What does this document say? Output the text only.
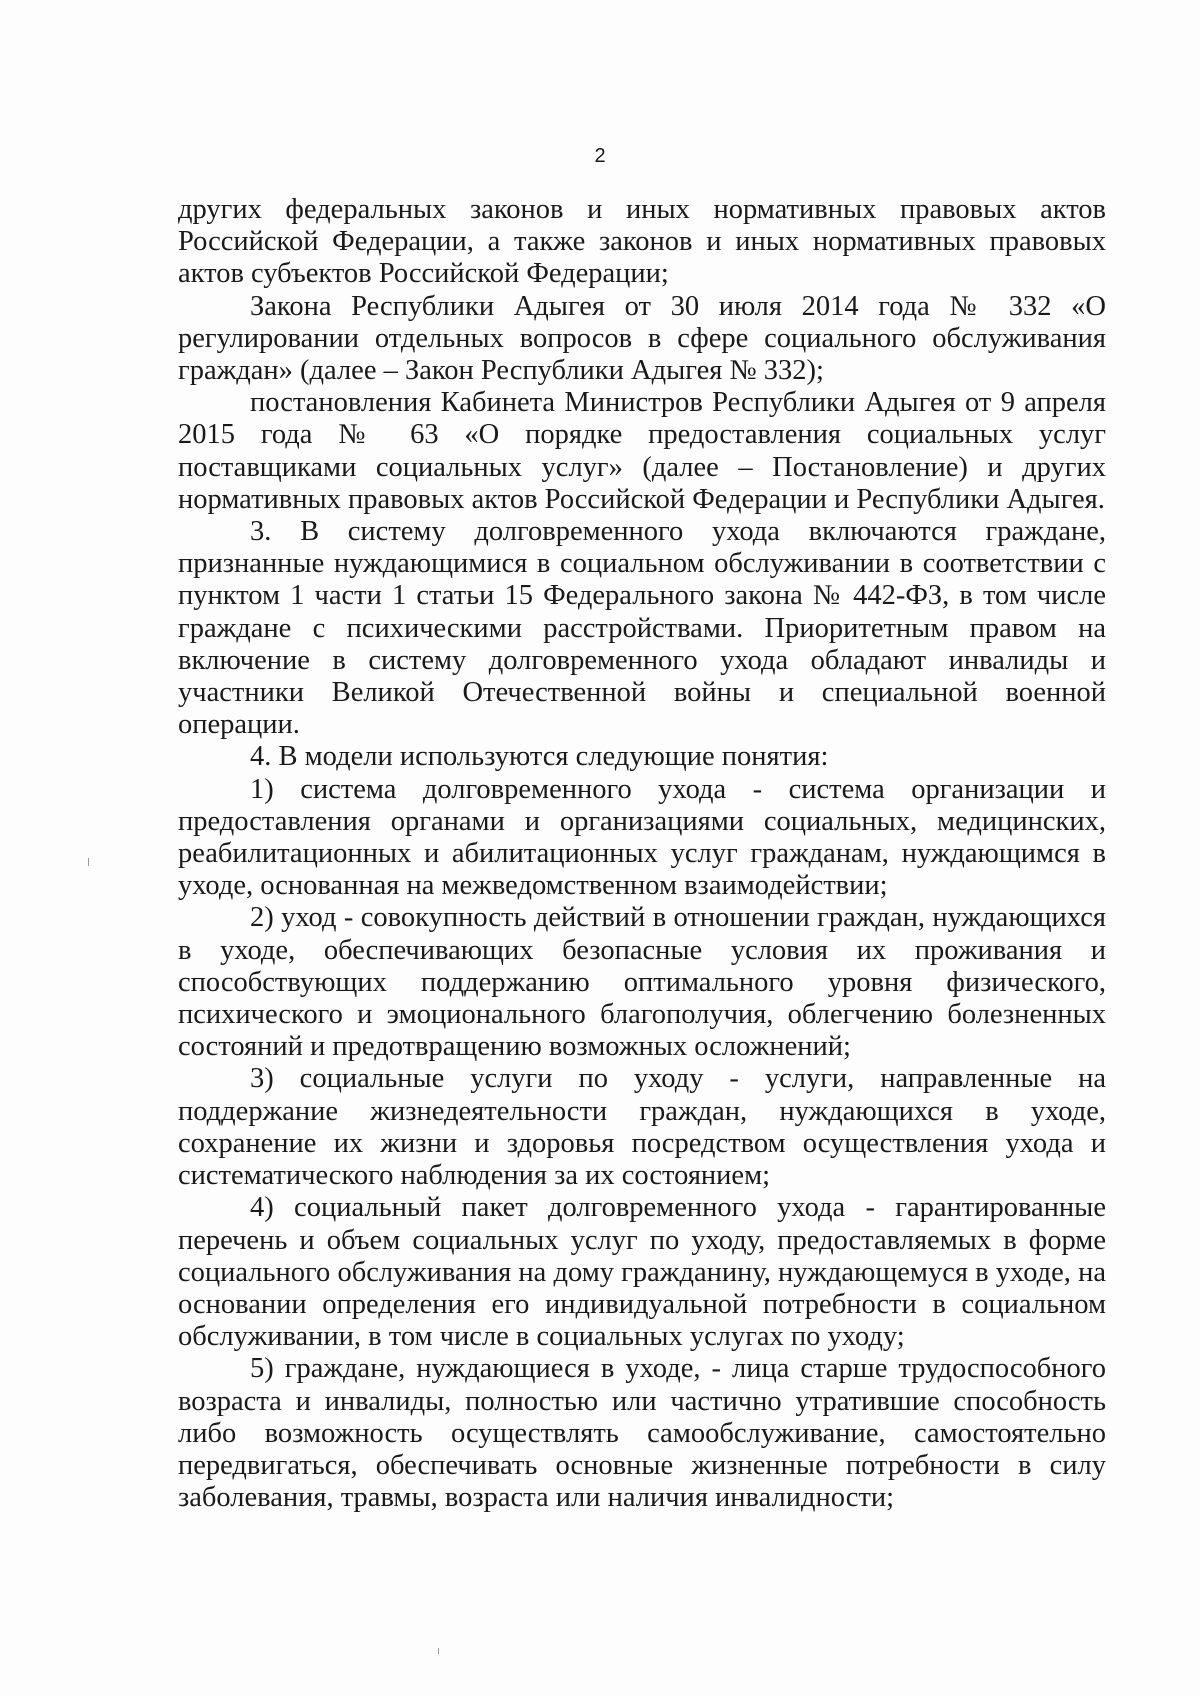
2

других федеральных законов и иных нормативных правовых актов Российской Федерации, а также законов и иных нормативных правовых актов субъектов Российской Федерации;

Закона Республики Адыгея от 30 июля 2014 года № 332 «О регулировании отдельных вопросов в сфере социального обслуживания граждан» (далее – Закон Республики Адыгея № 332);

постановления Кабинета Министров Республики Адыгея от 9 апреля 2015 года № 63 «О порядке предоставления социальных услуг поставщиками социальных услуг» (далее – Постановление) и других нормативных правовых актов Российской Федерации и Республики Адыгея.

3. В систему долговременного ухода включаются граждане, признанные нуждающимися в социальном обслуживании в соответствии с пунктом 1 части 1 статьи 15 Федерального закона № 442-ФЗ, в том числе граждане с психическими расстройствами. Приоритетным правом на включение в систему долговременного ухода обладают инвалиды и участники Великой Отечественной войны и специальной военной операции.

4. В модели используются следующие понятия:

1) система долговременного ухода - система организации и предоставления органами и организациями социальных, медицинских, реабилитационных и абилитационных услуг гражданам, нуждающимся в уходе, основанная на межведомственном взаимодействии;

2) уход - совокупность действий в отношении граждан, нуждающихся в уходе, обеспечивающих безопасные условия их проживания и способствующих поддержанию оптимального уровня физического, психического и эмоционального благополучия, облегчению болезненных состояний и предотвращению возможных осложнений;

3) социальные услуги по уходу - услуги, направленные на поддержание жизнедеятельности граждан, нуждающихся в уходе, сохранение их жизни и здоровья посредством осуществления ухода и систематического наблюдения за их состоянием;

4) социальный пакет долговременного ухода - гарантированные перечень и объем социальных услуг по уходу, предоставляемых в форме социального обслуживания на дому гражданину, нуждающемуся в уходе, на основании определения его индивидуальной потребности в социальном обслуживании, в том числе в социальных услугах по уходу;

5) граждане, нуждающиеся в уходе, - лица старше трудоспособного возраста и инвалиды, полностью или частично утратившие способность либо возможность осуществлять самообслуживание, самостоятельно передвигаться, обеспечивать основные жизненные потребности в силу заболевания, травмы, возраста или наличия инвалидности;
